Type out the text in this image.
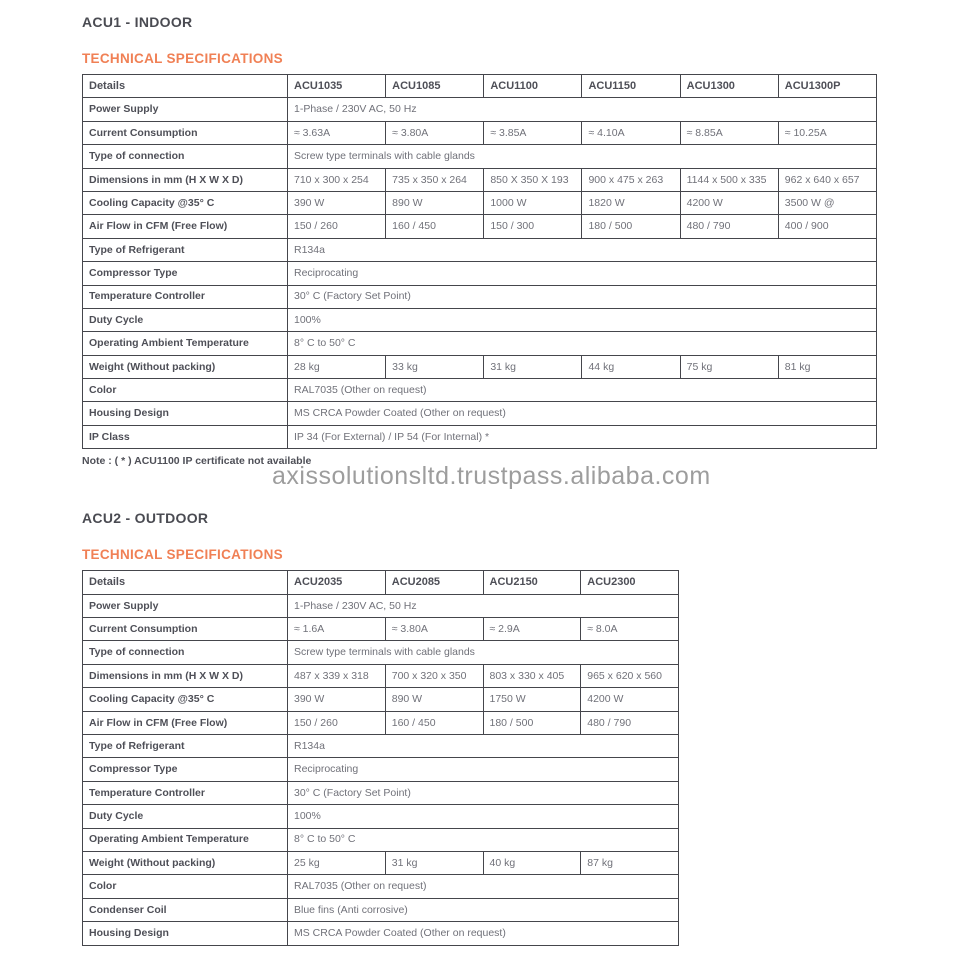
ACU1 - INDOOR
TECHNICAL SPECIFICATIONS
Details	ACU1035	ACU1085	ACU1100	ACU1150	ACU1300	ACU1300P
Power Supply	1-Phase / 230V AC, 50 Hz					
Current Consumption	≈ 3.63A	≈ 3.80A	≈ 3.85A	≈ 4.10A	≈ 8.85A	≈ 10.25A
Type of connection	Screw type terminals with cable glands					
Dimensions in mm (H X W X D)	710 x 300 x 254	735 x 350 x 264	850 X 350 X 193	900 x 475 x 263	1144 x 500 x 335	962 x 640 x 657
Cooling Capacity @35° C	390 W	890 W	1000 W	1820 W	4200 W	3500 W @
Air Flow in CFM (Free Flow)	150 / 260	160 / 450	150 / 300	180 / 500	480 / 790	400 / 900
Type of Refrigerant	R134a					
Compressor Type	Reciprocating					
Temperature Controller	30° C (Factory Set Point)					
Duty Cycle	100%					
Operating Ambient Temperature	8° C to 50° C					
Weight (Without packing)	28 kg	33 kg	31 kg	44 kg	75 kg	81 kg
Color	RAL7035 (Other on request)					
Housing Design	MS CRCA Powder Coated (Other on request)					
IP Class	IP 34 (For External) / IP 54 (For Internal) *					
Note : ( * ) ACU1100 IP certificate not available
ACU2 - OUTDOOR
TECHNICAL SPECIFICATIONS
Details	ACU2035	ACU2085	ACU2150	ACU2300
Power Supply	1-Phase / 230V AC, 50 Hz			
Current Consumption	≈ 1.6A	≈ 3.80A	≈ 2.9A	≈ 8.0A
Type of connection	Screw type terminals with cable glands			
Dimensions in mm (H X W X D)	487 x 339 x 318	700 x 320 x 350	803 x 330 x 405	965 x 620 x 560
Cooling Capacity @35° C	390 W	890 W	1750 W	4200 W
Air Flow in CFM (Free Flow)	150 / 260	160 / 450	180 / 500	480 / 790
Type of Refrigerant	R134a			
Compressor Type	Reciprocating			
Temperature Controller	30° C (Factory Set Point)			
Duty Cycle	100%			
Operating Ambient Temperature	8° C to 50° C			
Weight (Without packing)	25 kg	31 kg	40 kg	87 kg
Color	RAL7035 (Other on request)			
Condenser Coil	Blue fins (Anti corrosive)			
Housing Design	MS CRCA Powder Coated (Other on request)			
axissolutionsltd.trustpass.alibaba.com
